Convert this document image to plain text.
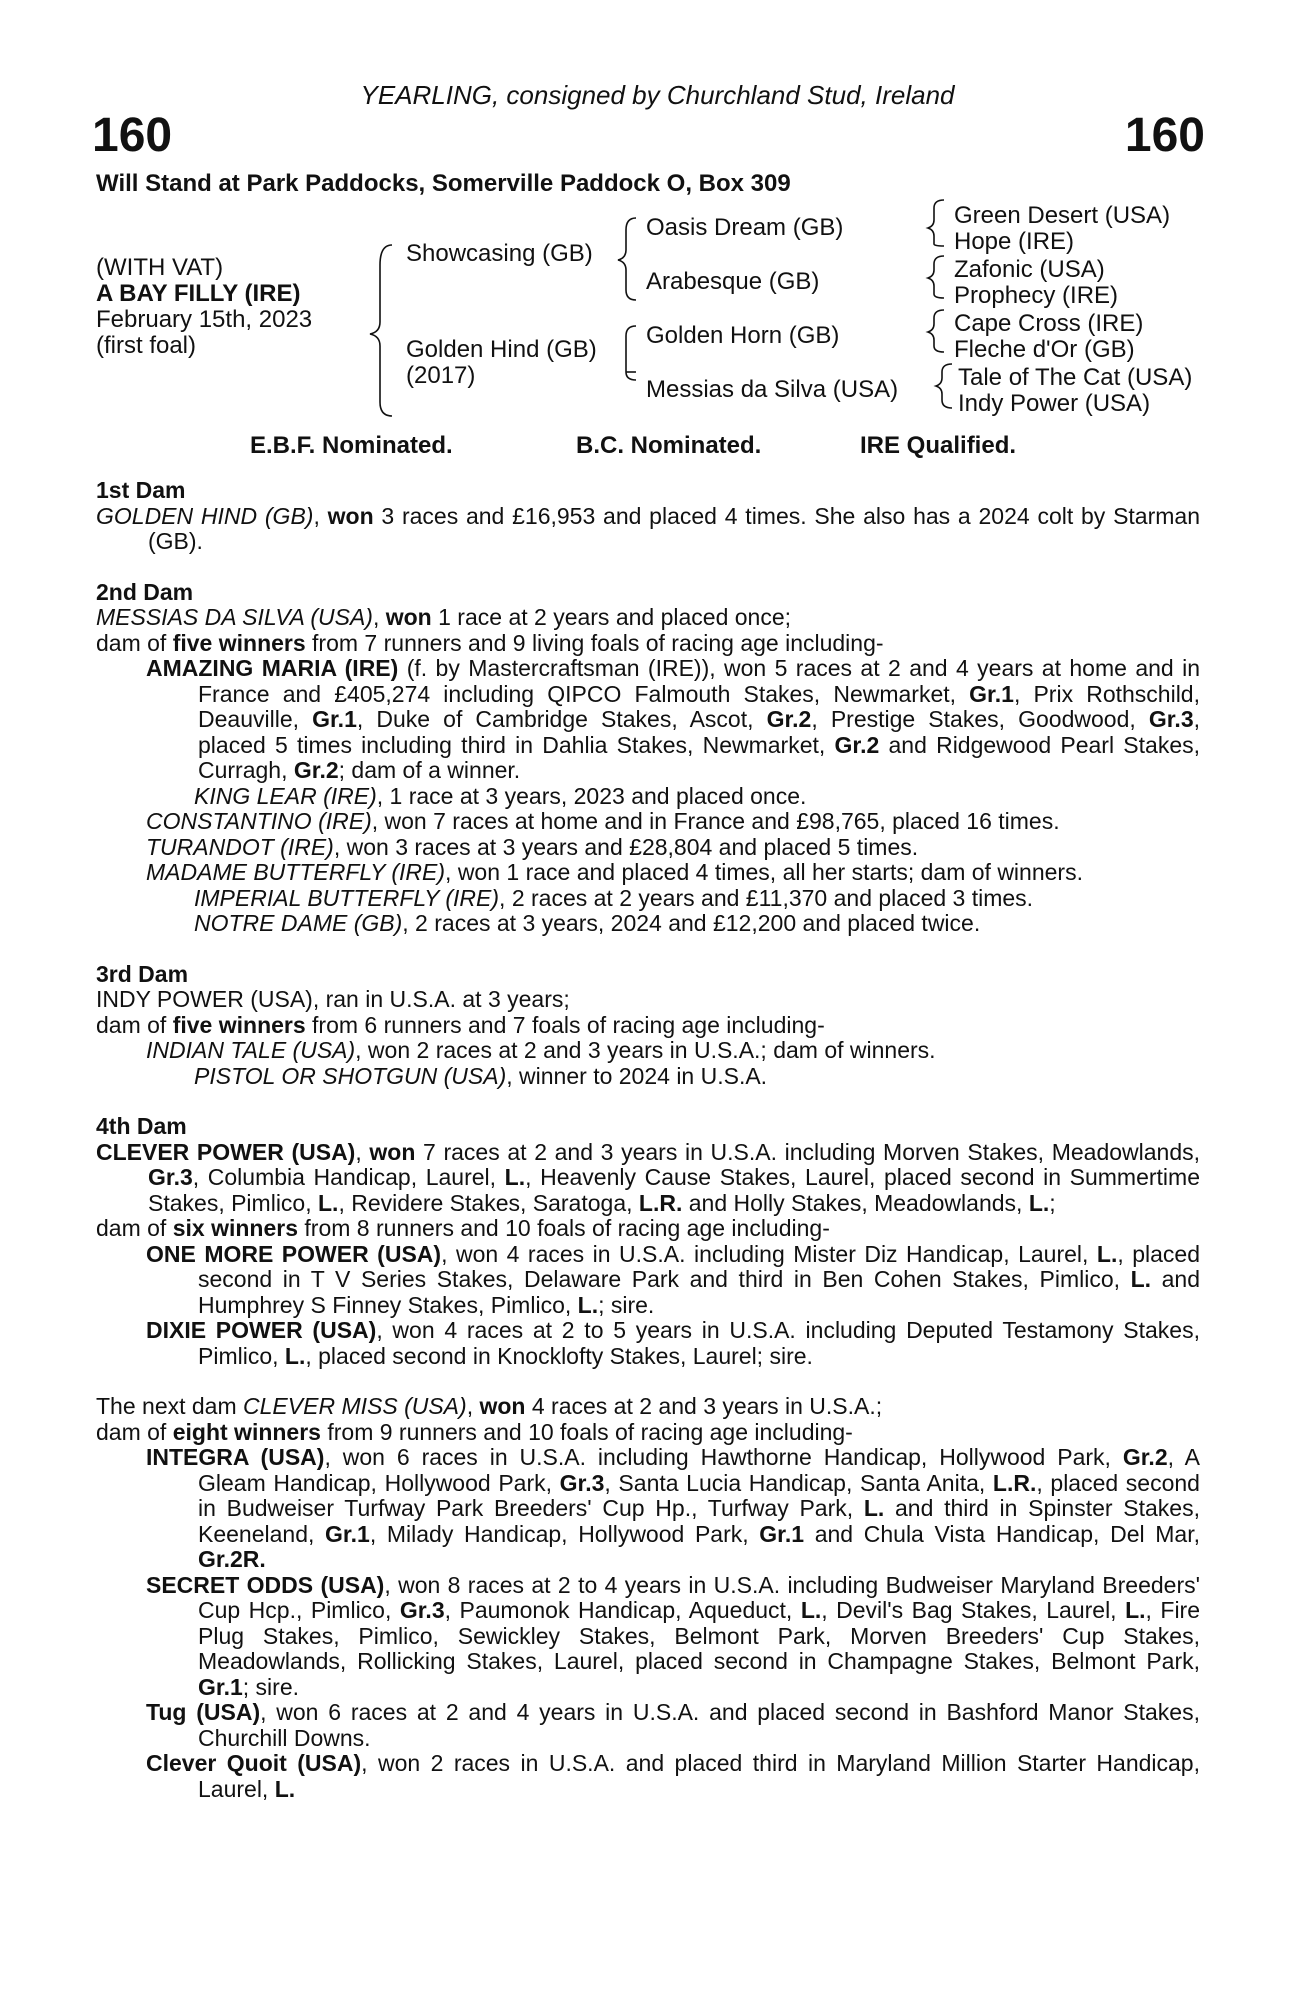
YEARLING, consigned by Churchland Stud, Ireland
160	160
Will Stand at Park Paddocks, Somerville Paddock O, Box 309
(WITH VAT)
A BAY FILLY (IRE)
February 15th, 2023
(first foal)
Showcasing (GB)
Golden Hind (GB)
(2017)
Oasis Dream (GB)
Arabesque (GB)
Golden Horn (GB)
Messias da Silva (USA)
Green Desert (USA)
Hope (IRE)
Zafonic (USA)
Prophecy (IRE)
Cape Cross (IRE)
Fleche d'Or (GB)
Tale of The Cat (USA)
Indy Power (USA)
E.B.F. Nominated.	B.C. Nominated.	IRE Qualified.
1st Dam
GOLDEN HIND (GB), won 3 races and £16,953 and placed 4 times. She also has a 2024 colt by Starman (GB).
2nd Dam
MESSIAS DA SILVA (USA), won 1 race at 2 years and placed once;
dam of five winners from 7 runners and 9 living foals of racing age including-
AMAZING MARIA (IRE) (f. by Mastercraftsman (IRE)), won 5 races at 2 and 4 years at home and in France and £405,274 including QIPCO Falmouth Stakes, Newmarket, Gr.1, Prix Rothschild, Deauville, Gr.1, Duke of Cambridge Stakes, Ascot, Gr.2, Prestige Stakes, Goodwood, Gr.3, placed 5 times including third in Dahlia Stakes, Newmarket, Gr.2 and Ridgewood Pearl Stakes, Curragh, Gr.2; dam of a winner.
KING LEAR (IRE), 1 race at 3 years, 2023 and placed once.
CONSTANTINO (IRE), won 7 races at home and in France and £98,765, placed 16 times.
TURANDOT (IRE), won 3 races at 3 years and £28,804 and placed 5 times.
MADAME BUTTERFLY (IRE), won 1 race and placed 4 times, all her starts; dam of winners.
IMPERIAL BUTTERFLY (IRE), 2 races at 2 years and £11,370 and placed 3 times.
NOTRE DAME (GB), 2 races at 3 years, 2024 and £12,200 and placed twice.
3rd Dam
INDY POWER (USA), ran in U.S.A. at 3 years;
dam of five winners from 6 runners and 7 foals of racing age including-
INDIAN TALE (USA), won 2 races at 2 and 3 years in U.S.A.; dam of winners.
PISTOL OR SHOTGUN (USA), winner to 2024 in U.S.A.
4th Dam
CLEVER POWER (USA), won 7 races at 2 and 3 years in U.S.A. including Morven Stakes, Meadowlands, Gr.3, Columbia Handicap, Laurel, L., Heavenly Cause Stakes, Laurel, placed second in Summertime Stakes, Pimlico, L., Revidere Stakes, Saratoga, L.R. and Holly Stakes, Meadowlands, L.;
dam of six winners from 8 runners and 10 foals of racing age including-
ONE MORE POWER (USA), won 4 races in U.S.A. including Mister Diz Handicap, Laurel, L., placed second in T V Series Stakes, Delaware Park and third in Ben Cohen Stakes, Pimlico, L. and Humphrey S Finney Stakes, Pimlico, L.; sire.
DIXIE POWER (USA), won 4 races at 2 to 5 years in U.S.A. including Deputed Testamony Stakes, Pimlico, L., placed second in Knocklofty Stakes, Laurel; sire.
The next dam CLEVER MISS (USA), won 4 races at 2 and 3 years in U.S.A.;
dam of eight winners from 9 runners and 10 foals of racing age including-
INTEGRA (USA), won 6 races in U.S.A. including Hawthorne Handicap, Hollywood Park, Gr.2, A Gleam Handicap, Hollywood Park, Gr.3, Santa Lucia Handicap, Santa Anita, L.R., placed second in Budweiser Turfway Park Breeders' Cup Hp., Turfway Park, L. and third in Spinster Stakes, Keeneland, Gr.1, Milady Handicap, Hollywood Park, Gr.1 and Chula Vista Handicap, Del Mar, Gr.2R.
SECRET ODDS (USA), won 8 races at 2 to 4 years in U.S.A. including Budweiser Maryland Breeders' Cup Hcp., Pimlico, Gr.3, Paumonok Handicap, Aqueduct, L., Devil's Bag Stakes, Laurel, L., Fire Plug Stakes, Pimlico, Sewickley Stakes, Belmont Park, Morven Breeders' Cup Stakes, Meadowlands, Rollicking Stakes, Laurel, placed second in Champagne Stakes, Belmont Park, Gr.1; sire.
Tug (USA), won 6 races at 2 and 4 years in U.S.A. and placed second in Bashford Manor Stakes, Churchill Downs.
Clever Quoit (USA), won 2 races in U.S.A. and placed third in Maryland Million Starter Handicap, Laurel, L.
